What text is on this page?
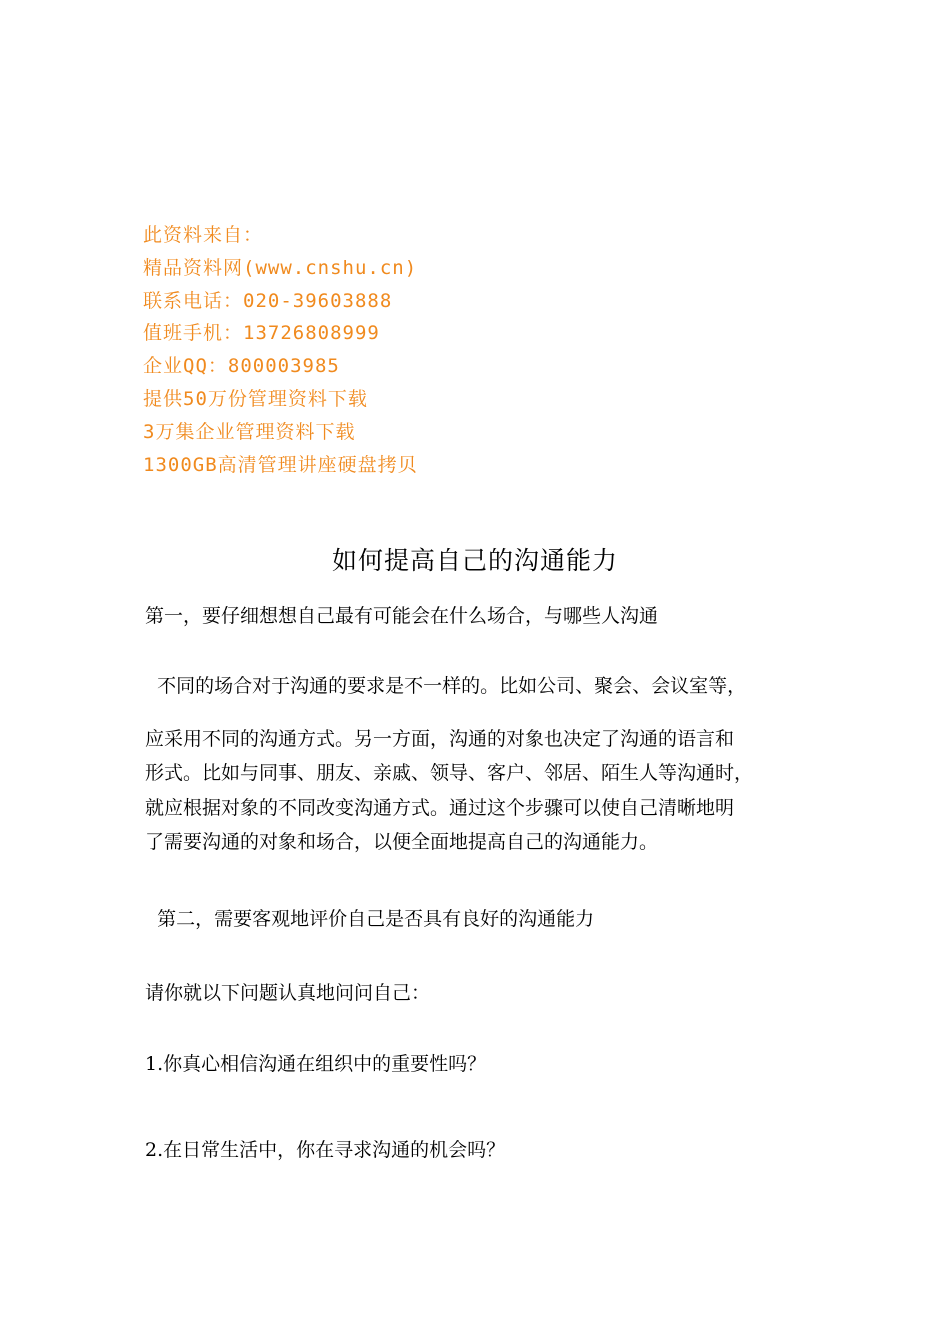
此资料来自：
精品资料网(www.cnshu.cn)
联系电话：020-39603888
值班手机：13726808999
企业QQ：800003985
提供50万份管理资料下载
3万集企业管理资料下载
1300GB高清管理讲座硬盘拷贝
如何提高自己的沟通能力
第一，要仔细想想自己最有可能会在什么场合，与哪些人沟通
不同的场合对于沟通的要求是不一样的。比如公司、聚会、会议室等，
应采用不同的沟通方式。另一方面，沟通的对象也决定了沟通的语言和
形式。比如与同事、朋友、亲戚、领导、客户、邻居、陌生人等沟通时，
就应根据对象的不同改变沟通方式。通过这个步骤可以使自己清晰地明
了需要沟通的对象和场合，以便全面地提高自己的沟通能力。
第二，需要客观地评价自己是否具有良好的沟通能力
请你就以下问题认真地问问自己：
1.你真心相信沟通在组织中的重要性吗？
2.在日常生活中，你在寻求沟通的机会吗？
